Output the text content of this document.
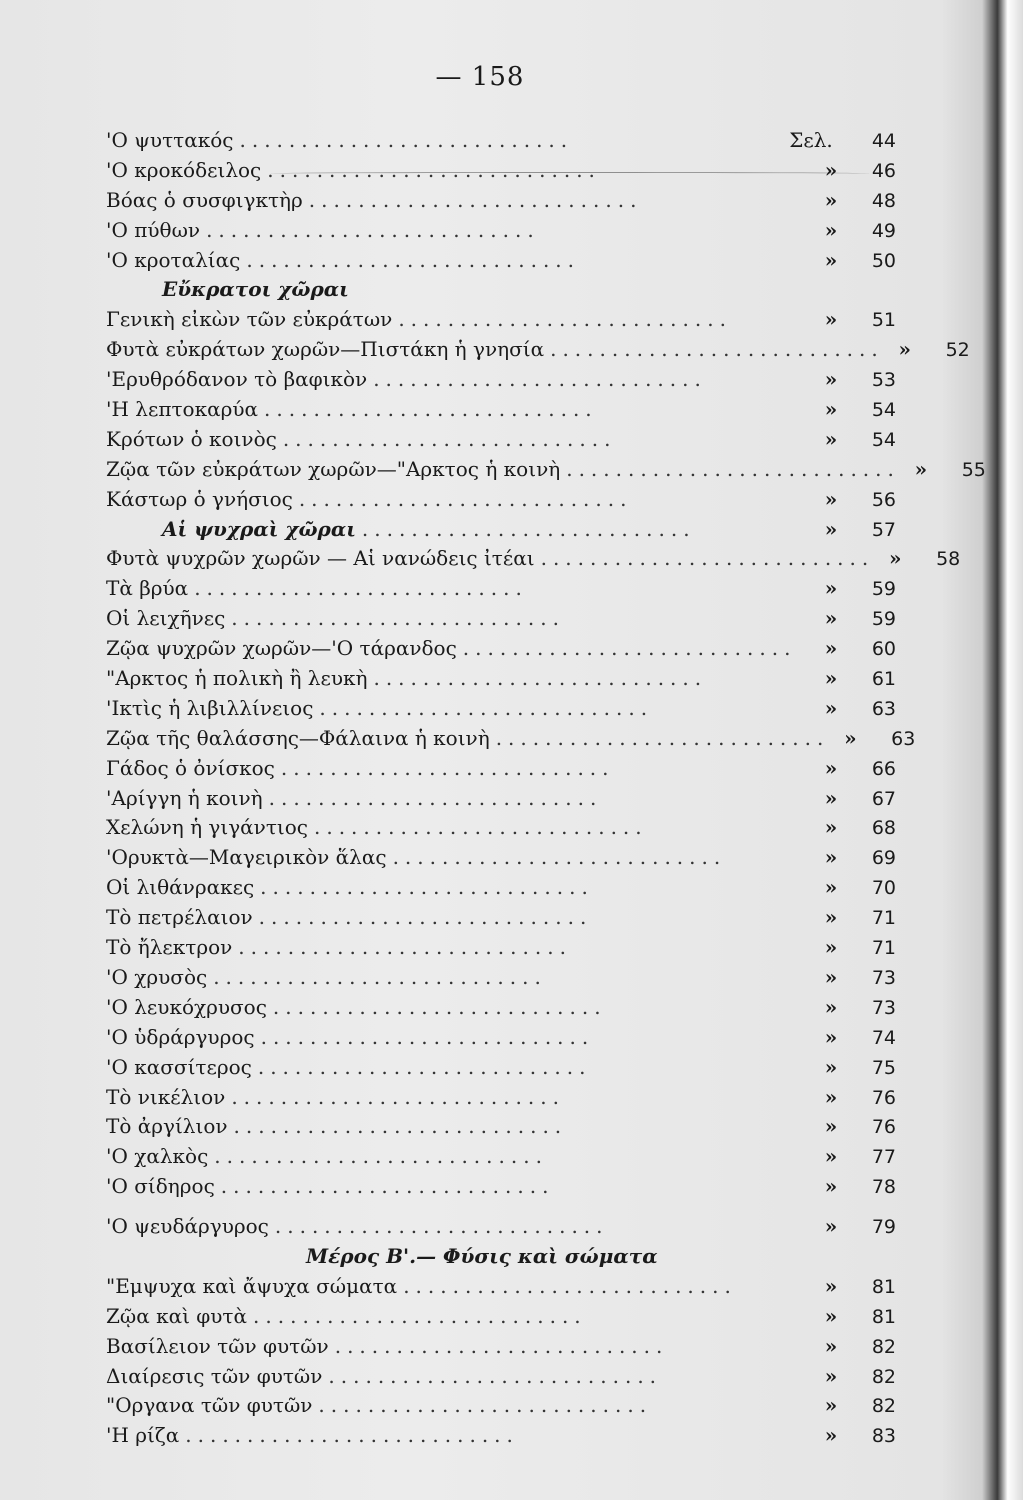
— 158
'Ο ψυττακός ...........................	Σελ.	44
'Ο κροκόδειλος ...........................	»	46
Βόας ὁ συσφιγκτὴρ ...........................	»	48
'Ο πύθων ...........................	»	49
'Ο κροταλίας ...........................	»	50
Εὔκρατοι χῶραι
Γενικὴ εἰκὼν τῶν εὐκράτων ...........................	»	51
Φυτὰ εὐκράτων χωρῶν—Πιστάκη ἡ γνησία ........................... »	52
'Ερυθρόδανον τὸ βαφικὸν ...........................	»	53
'Η λεπτοκαρύα ...........................	»	54
Κρότων ὁ κοινὸς ...........................	»	54
Ζῷα τῶν εὐκράτων χωρῶν—"Αρκτος ἡ κοινὴ ........................... »	55
Κάστωρ ὁ γνήσιος ...........................	»	56
Αἱ ψυχραὶ χῶραι ...........................	»	57
Φυτὰ ψυχρῶν χωρῶν — Αἱ νανώδεις ἰτέαι ........................... »	58
Τὰ βρύα ...........................	»	59
Οἱ λειχῆνες ...........................	»	59
Ζῷα ψυχρῶν χωρῶν—'Ο τάρανδος ...........................	»	60
"Αρκτος ἡ πολικὴ ἢ λευκὴ ...........................	»	61
'Ικτὶς ἡ λιβιλλίνειος ...........................	»	63
Ζῷα τῆς θαλάσσης—Φάλαινα ἡ κοινὴ ........................... »	63
Γάδος ὁ ὀνίσκος ...........................	»	66
'Αρίγγη ἡ κοινὴ ...........................	»	67
Χελώνη ἡ γιγάντιος ...........................	»	68
'Ορυκτὰ—Μαγειρικὸν ἅλας ...........................	»	69
Οἱ λιθάνρακες ...........................	»	70
Τὸ πετρέλαιον ...........................	»	71
Τὸ ἤλεκτρον ...........................	»	71
'Ο χρυσὸς ...........................	»	73
'Ο λευκόχρυσος ...........................	»	73
'Ο ὑδράργυρος ...........................	»	74
'Ο κασσίτερος ...........................	»	75
Τὸ νικέλιον ...........................	»	76
Τὸ ἀργίλιον ...........................	»	76
'Ο χαλκὸς ...........................	»	77
'Ο σίδηρος ...........................	»	78
'Ο ψευδάργυρος ...........................	»	79
Μέρος Β'.— Φύσις καὶ σώματα
"Εμψυχα καὶ ἄψυχα σώματα ...........................	»	81
Ζῷα καὶ φυτὰ ...........................	»	81
Βασίλειον τῶν φυτῶν ...........................	»	82
Διαίρεσις τῶν φυτῶν ...........................	»	82
"Οργανα τῶν φυτῶν ...........................	»	82
'Η ρίζα ...........................	»	83
